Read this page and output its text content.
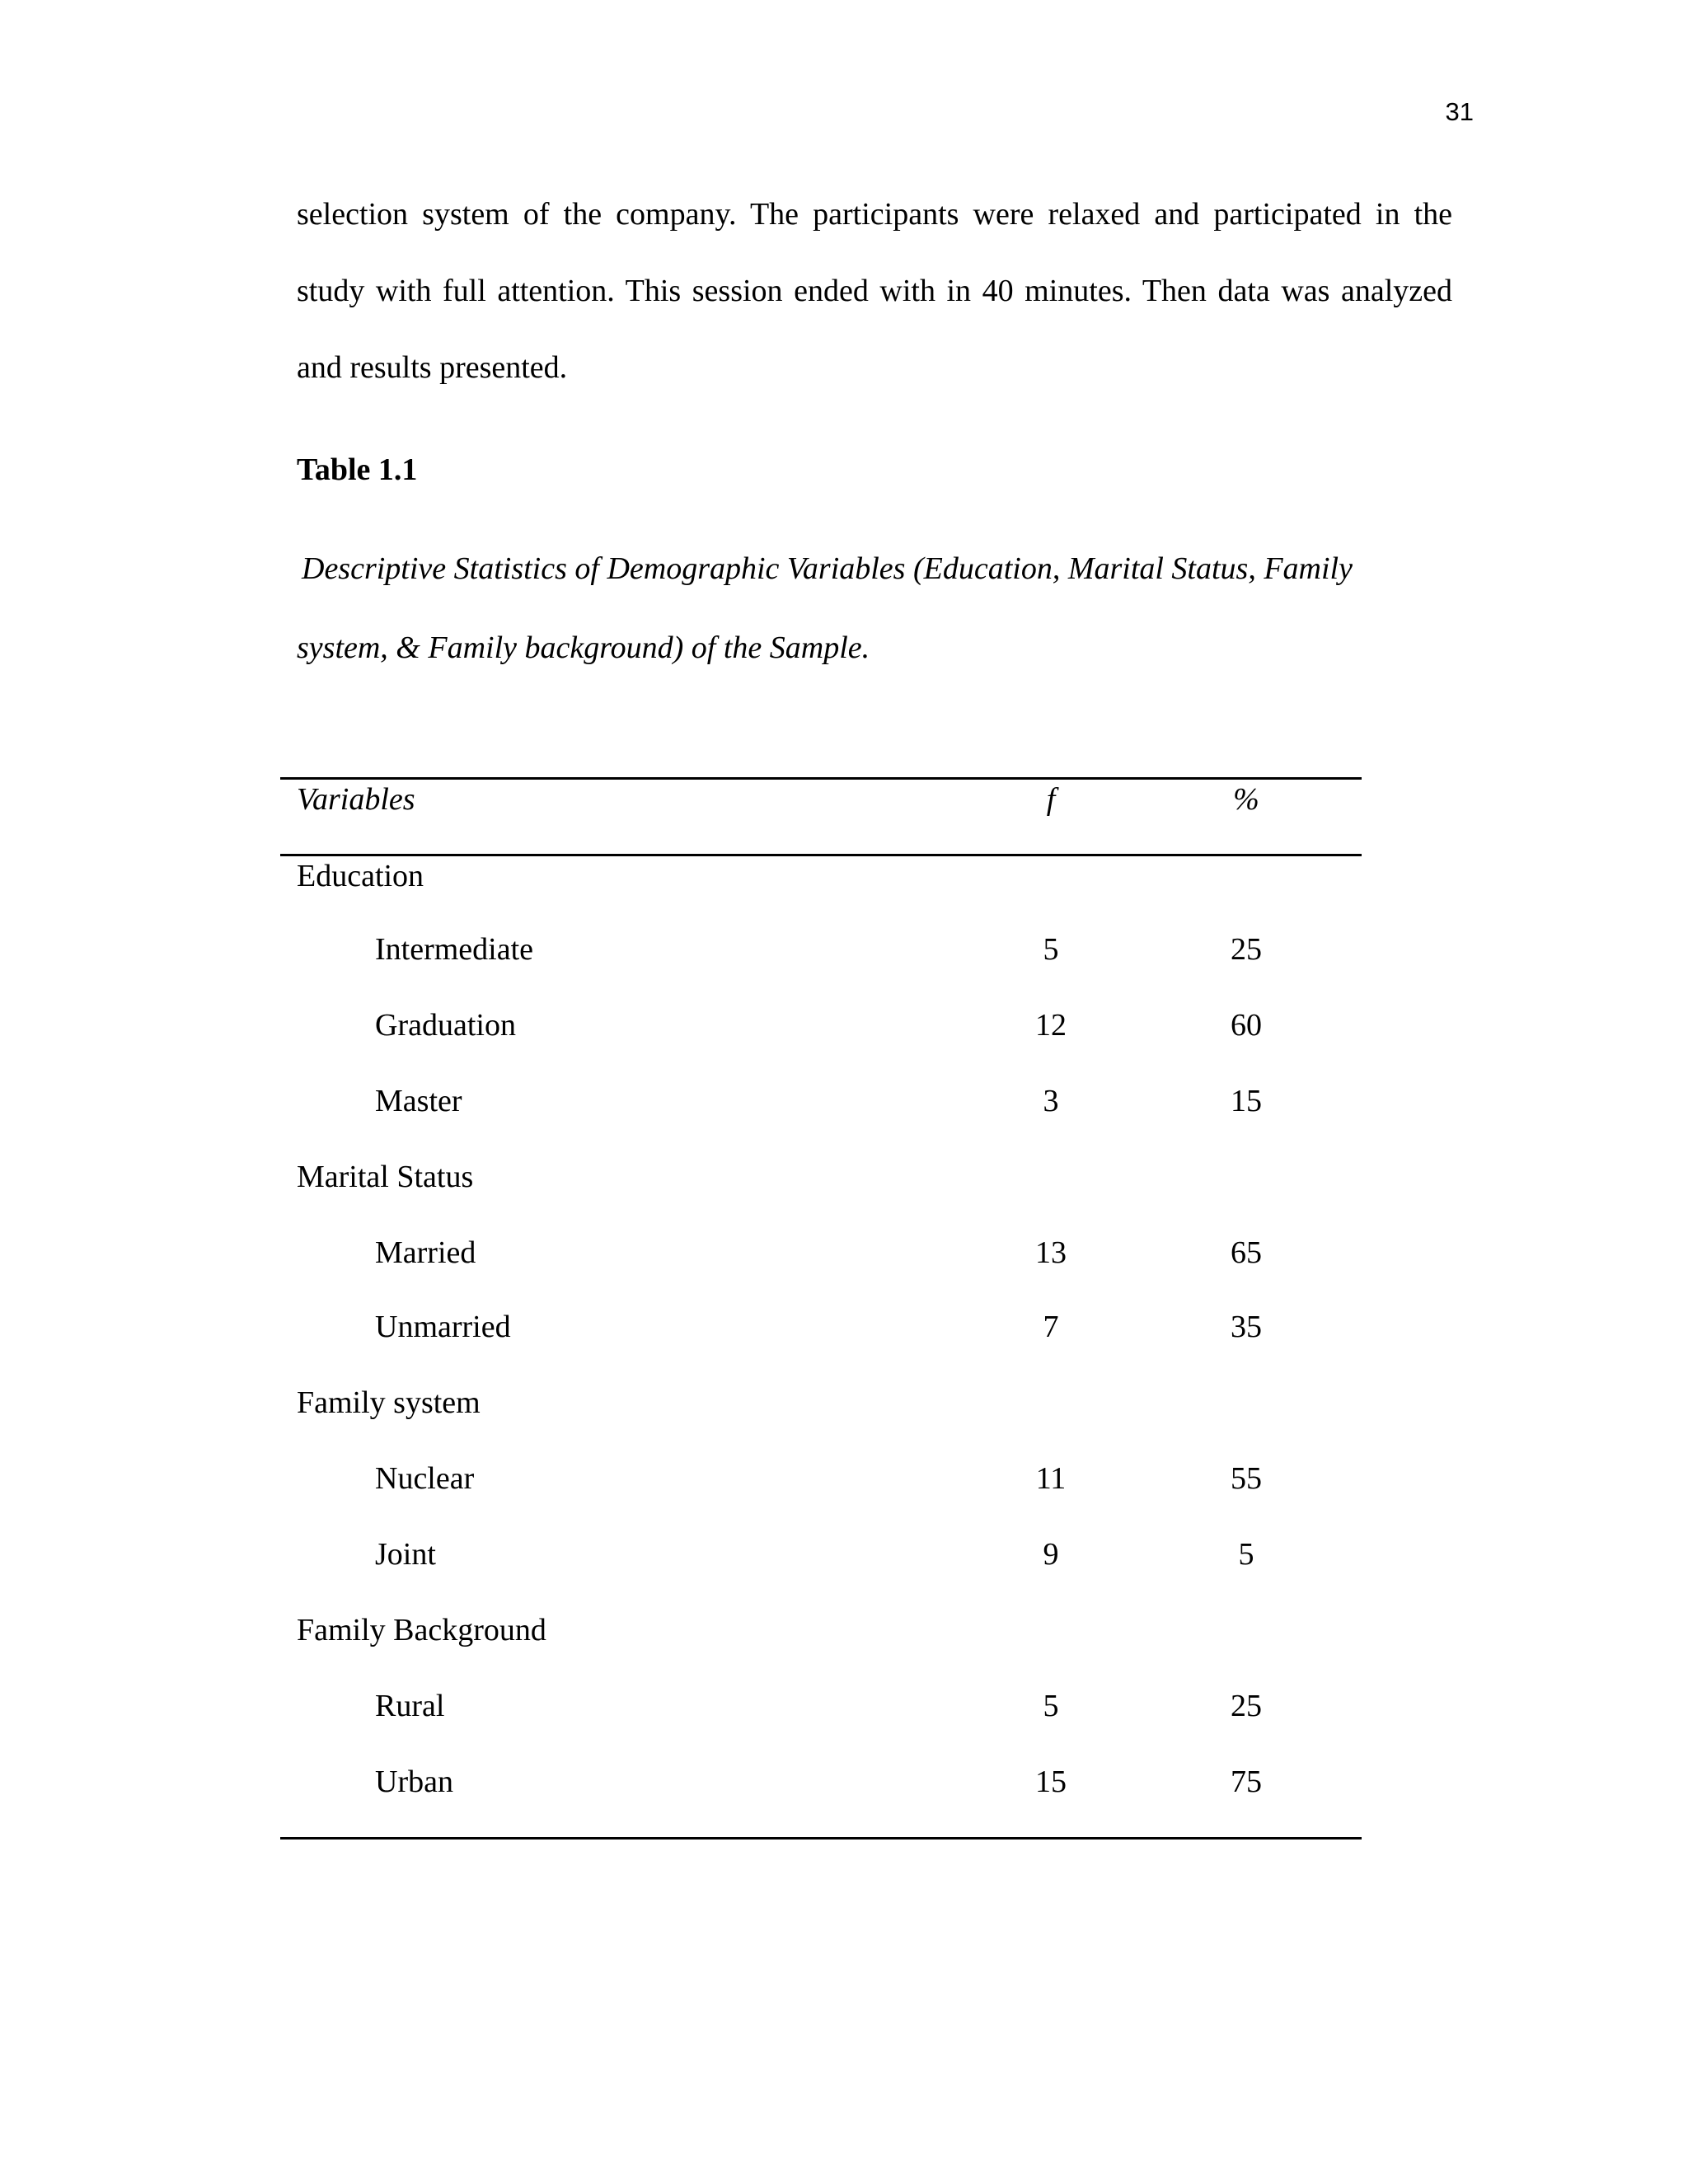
31
selection system of the company. The participants were relaxed and participated in the
study with full attention. This session ended with in 40 minutes. Then data was analyzed
and results presented.
Table 1.1
Descriptive Statistics of Demographic Variables (Education, Marital Status, Family
system, & Family background) of the Sample.
Variables	f	%
Education
Intermediate	5	25
Graduation	12	60
Master	3	15
Marital Status
Married	13	65
Unmarried	7	35
Family system
Nuclear	11	55
Joint	9	5
Family Background
Rural	5	25
Urban	15	75
